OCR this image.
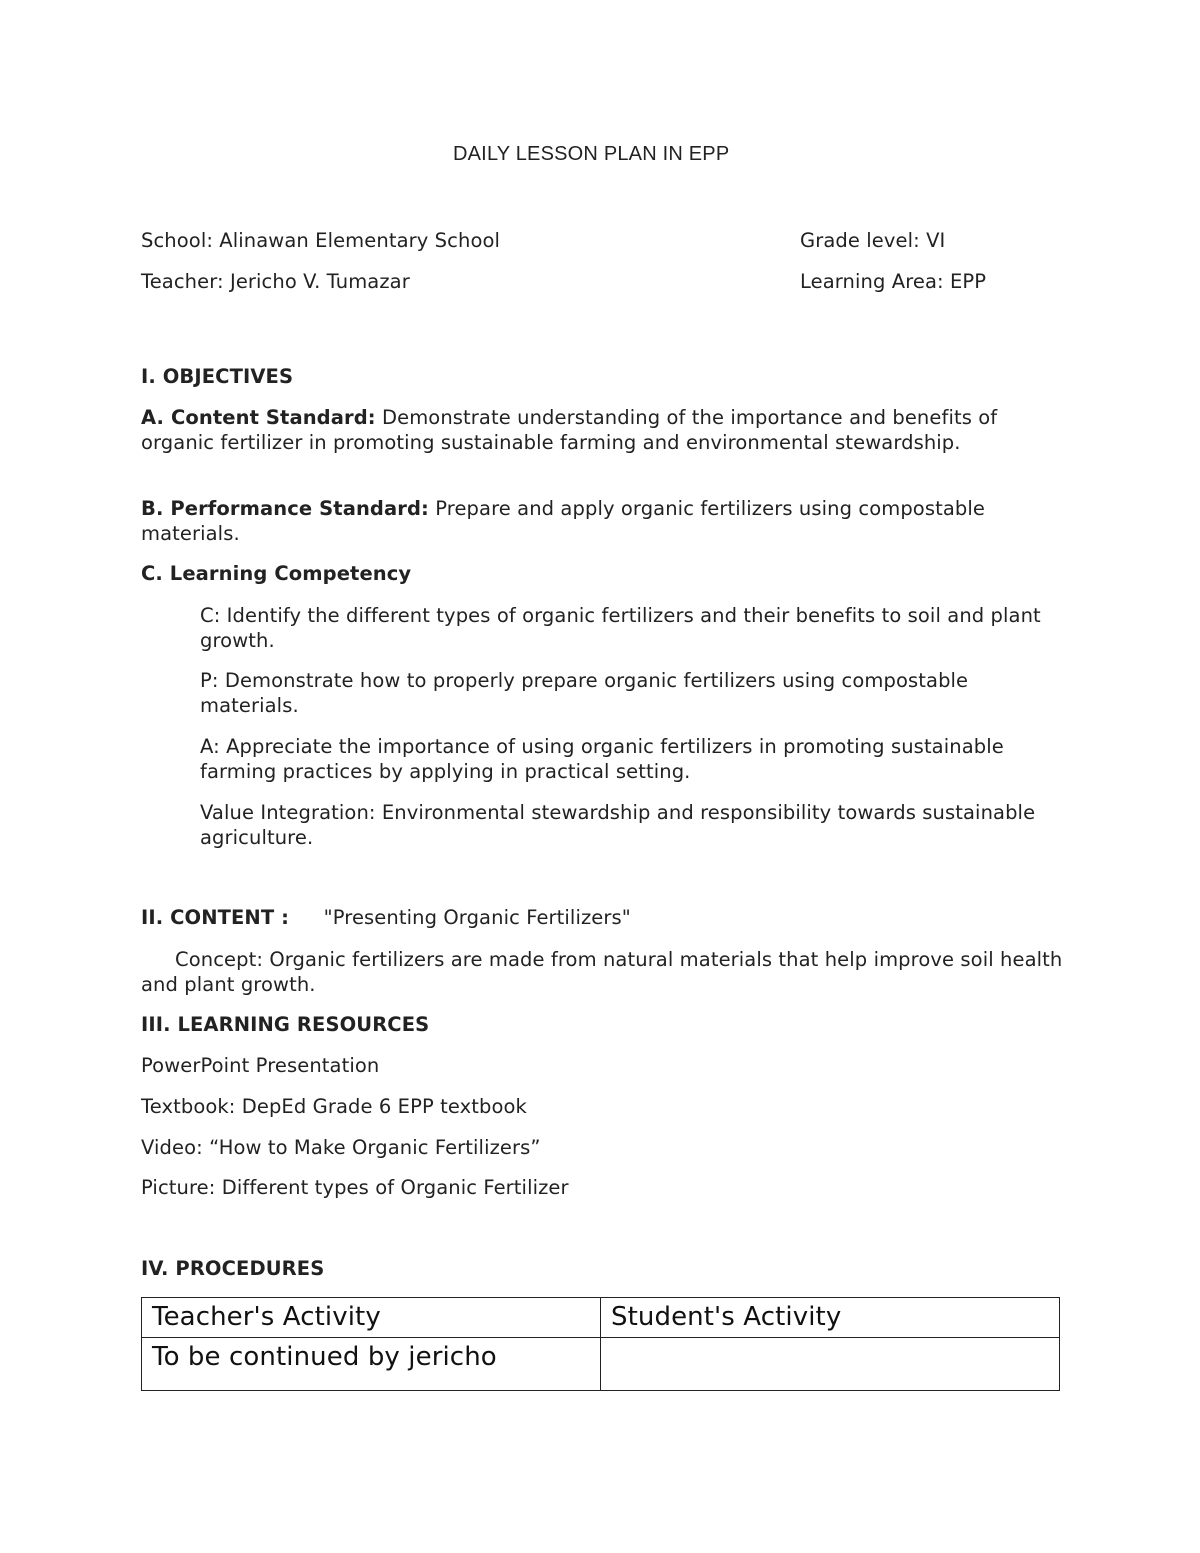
DAILY LESSON PLAN IN EPP
School: Alinawan Elementary School	Grade level: VI
Teacher: Jericho V. Tumazar	Learning Area: EPP
I. OBJECTIVES
A. Content Standard: Demonstrate understanding of the importance and benefits of organic fertilizer in promoting sustainable farming and environmental stewardship.
B. Performance Standard: Prepare and apply organic fertilizers using compostable materials.
C. Learning Competency
C: Identify the different types of organic fertilizers and their benefits to soil and plant growth.
P: Demonstrate how to properly prepare organic fertilizers using compostable materials.
A: Appreciate the importance of using organic fertilizers in promoting sustainable farming practices by applying in practical setting.
Value Integration: Environmental stewardship and responsibility towards sustainable agriculture.
II. CONTENT : "Presenting Organic Fertilizers"
Concept: Organic fertilizers are made from natural materials that help improve soil health and plant growth.
III. LEARNING RESOURCES
PowerPoint Presentation
Textbook: DepEd Grade 6 EPP textbook
Video: “How to Make Organic Fertilizers”
Picture: Different types of Organic Fertilizer
IV. PROCEDURES
Teacher's Activity	Student's Activity
To be continued by jericho	
